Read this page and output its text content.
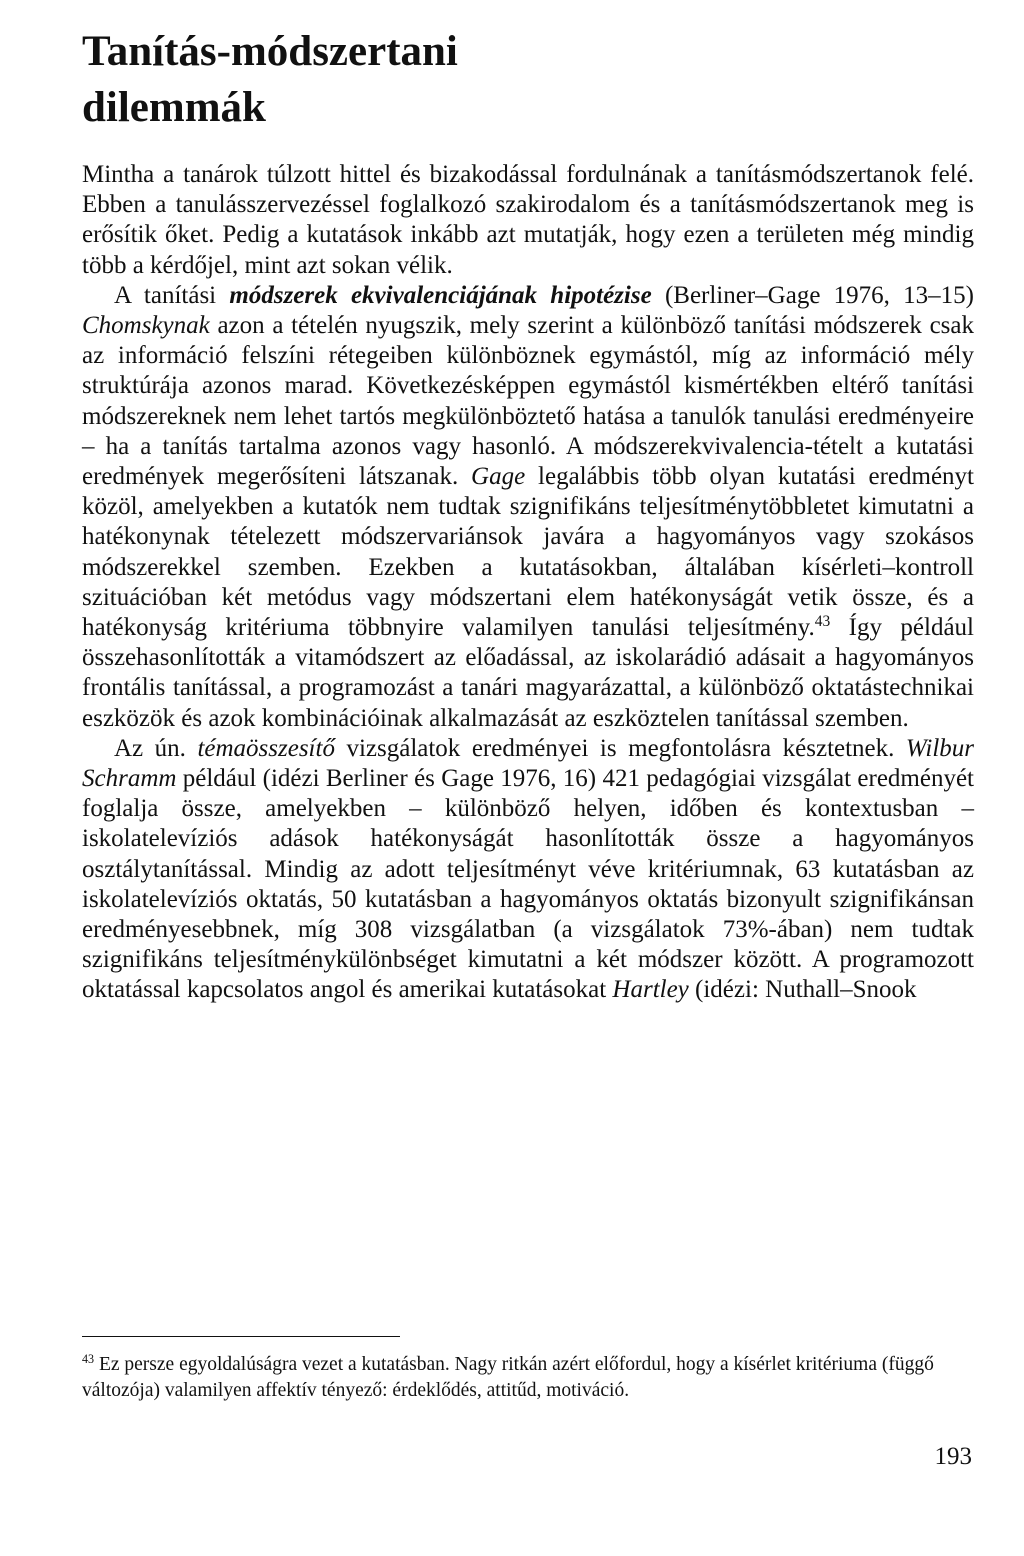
Tanítás-módszertani
dilemmák

Mintha a tanárok túlzott hittel és bizakodással fordulnának a tanításmódszertanok felé. Ebben a tanulásszervezéssel foglalkozó szakirodalom és a tanításmódszertanok meg is erősítik őket. Pedig a kutatások inkább azt mutatják, hogy ezen a területen még mindig több a kérdőjel, mint azt sokan vélik.

A tanítási módszerek ekvivalenciájának hipotézise (Berliner–Gage 1976, 13–15) Chomskynak azon a tételén nyugszik, mely szerint a különböző tanítási módszerek csak az információ felszíni rétegeiben különböznek egymástól, míg az információ mély struktúrája azonos marad. Következésképpen egymástól kismértékben eltérő tanítási módszereknek nem lehet tartós megkülönböztető hatása a tanulók tanulási eredményeire – ha a tanítás tartalma azonos vagy hasonló. A módszerekvivalencia-tételt a kutatási eredmények megerősíteni látszanak. Gage legalábbis több olyan kutatási eredményt közöl, amelyekben a kutatók nem tudtak szignifikáns teljesítménytöbbletet kimutatni a hatékonynak tételezett módszervariánsok javára a hagyományos vagy szokásos módszerekkel szemben. Ezekben a kutatásokban, általában kísérleti–kontroll szituációban két metódus vagy módszertani elem hatékonyságát vetik össze, és a hatékonyság kritériuma többnyire valamilyen tanulási teljesítmény.$^{43}$ Így például összehasonlították a vitamódszert az előadással, az iskolarádió adásait a hagyományos frontális tanítással, a programozást a tanári magyarázattal, a különböző oktatástechnikai eszközök és azok kombinációinak alkalmazását az eszköztelen tanítással szemben.

Az ún. témaösszesítő vizsgálatok eredményei is megfontolásra késztetnek. Wilbur Schramm például (idézi Berliner és Gage 1976, 16) 421 pedagógiai vizsgálat eredményét foglalja össze, amelyekben – különböző helyen, időben és kontextusban – iskolatelevíziós adások hatékonyságát hasonlították össze a hagyományos osztálytanítással. Mindig az adott teljesítményt véve kritériumnak, 63 kutatásban az iskolatelevíziós oktatás, 50 kutatásban a hagyományos oktatás bizonyult szignifikánsan eredményesebbnek, míg 308 vizsgálatban (a vizsgálatok 73%-ában) nem tudtak szignifikáns teljesítménykülönbséget kimutatni a két módszer között. A programozott oktatással kapcsolatos angol és amerikai kutatásokat Hartley (idézi: Nuthall–Snook

$^{43}$ Ez persze egyoldalúságra vezet a kutatásban. Nagy ritkán azért előfordul, hogy a kísérlet kritériuma (függő változója) valamilyen affektív tényező: érdeklődés, attitűd, motiváció.

193
